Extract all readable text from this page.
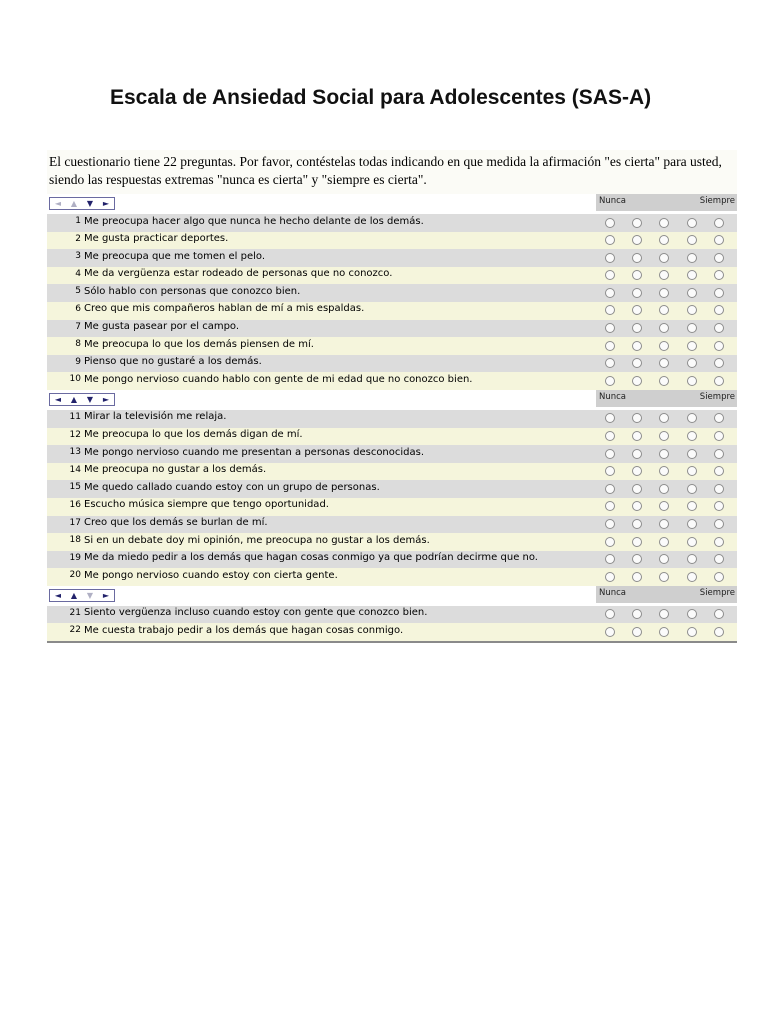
Escala de Ansiedad Social para Adolescentes (SAS-A)
El cuestionario tiene 22 preguntas. Por favor, contéstelas todas indicando en que medida la afirmación "es cierta" para usted,
siendo las respuestas extremas "nunca es cierta" y "siempre es cierta".
◄ ▲ ▼ ►	Nunca	Siempre
1 Me preocupa hacer algo que nunca he hecho delante de los demás.
2 Me gusta practicar deportes.
3 Me preocupa que me tomen el pelo.
4 Me da vergüenza estar rodeado de personas que no conozco.
5 Sólo hablo con personas que conozco bien.
6 Creo que mis compañeros hablan de mí a mis espaldas.
7 Me gusta pasear por el campo.
8 Me preocupa lo que los demás piensen de mí.
9 Pienso que no gustaré a los demás.
10 Me pongo nervioso cuando hablo con gente de mi edad que no conozco bien.
◄ ▲ ▼ ►	Nunca	Siempre
11 Mirar la televisión me relaja.
12 Me preocupa lo que los demás digan de mí.
13 Me pongo nervioso cuando me presentan a personas desconocidas.
14 Me preocupa no gustar a los demás.
15 Me quedo callado cuando estoy con un grupo de personas.
16 Escucho música siempre que tengo oportunidad.
17 Creo que los demás se burlan de mí.
18 Si en un debate doy mi opinión, me preocupa no gustar a los demás.
19 Me da miedo pedir a los demás que hagan cosas conmigo ya que podrían decirme que no.
20 Me pongo nervioso cuando estoy con cierta gente.
◄ ▲ ▼ ►	Nunca	Siempre
21 Siento vergüenza incluso cuando estoy con gente que conozco bien.
22 Me cuesta trabajo pedir a los demás que hagan cosas conmigo.
